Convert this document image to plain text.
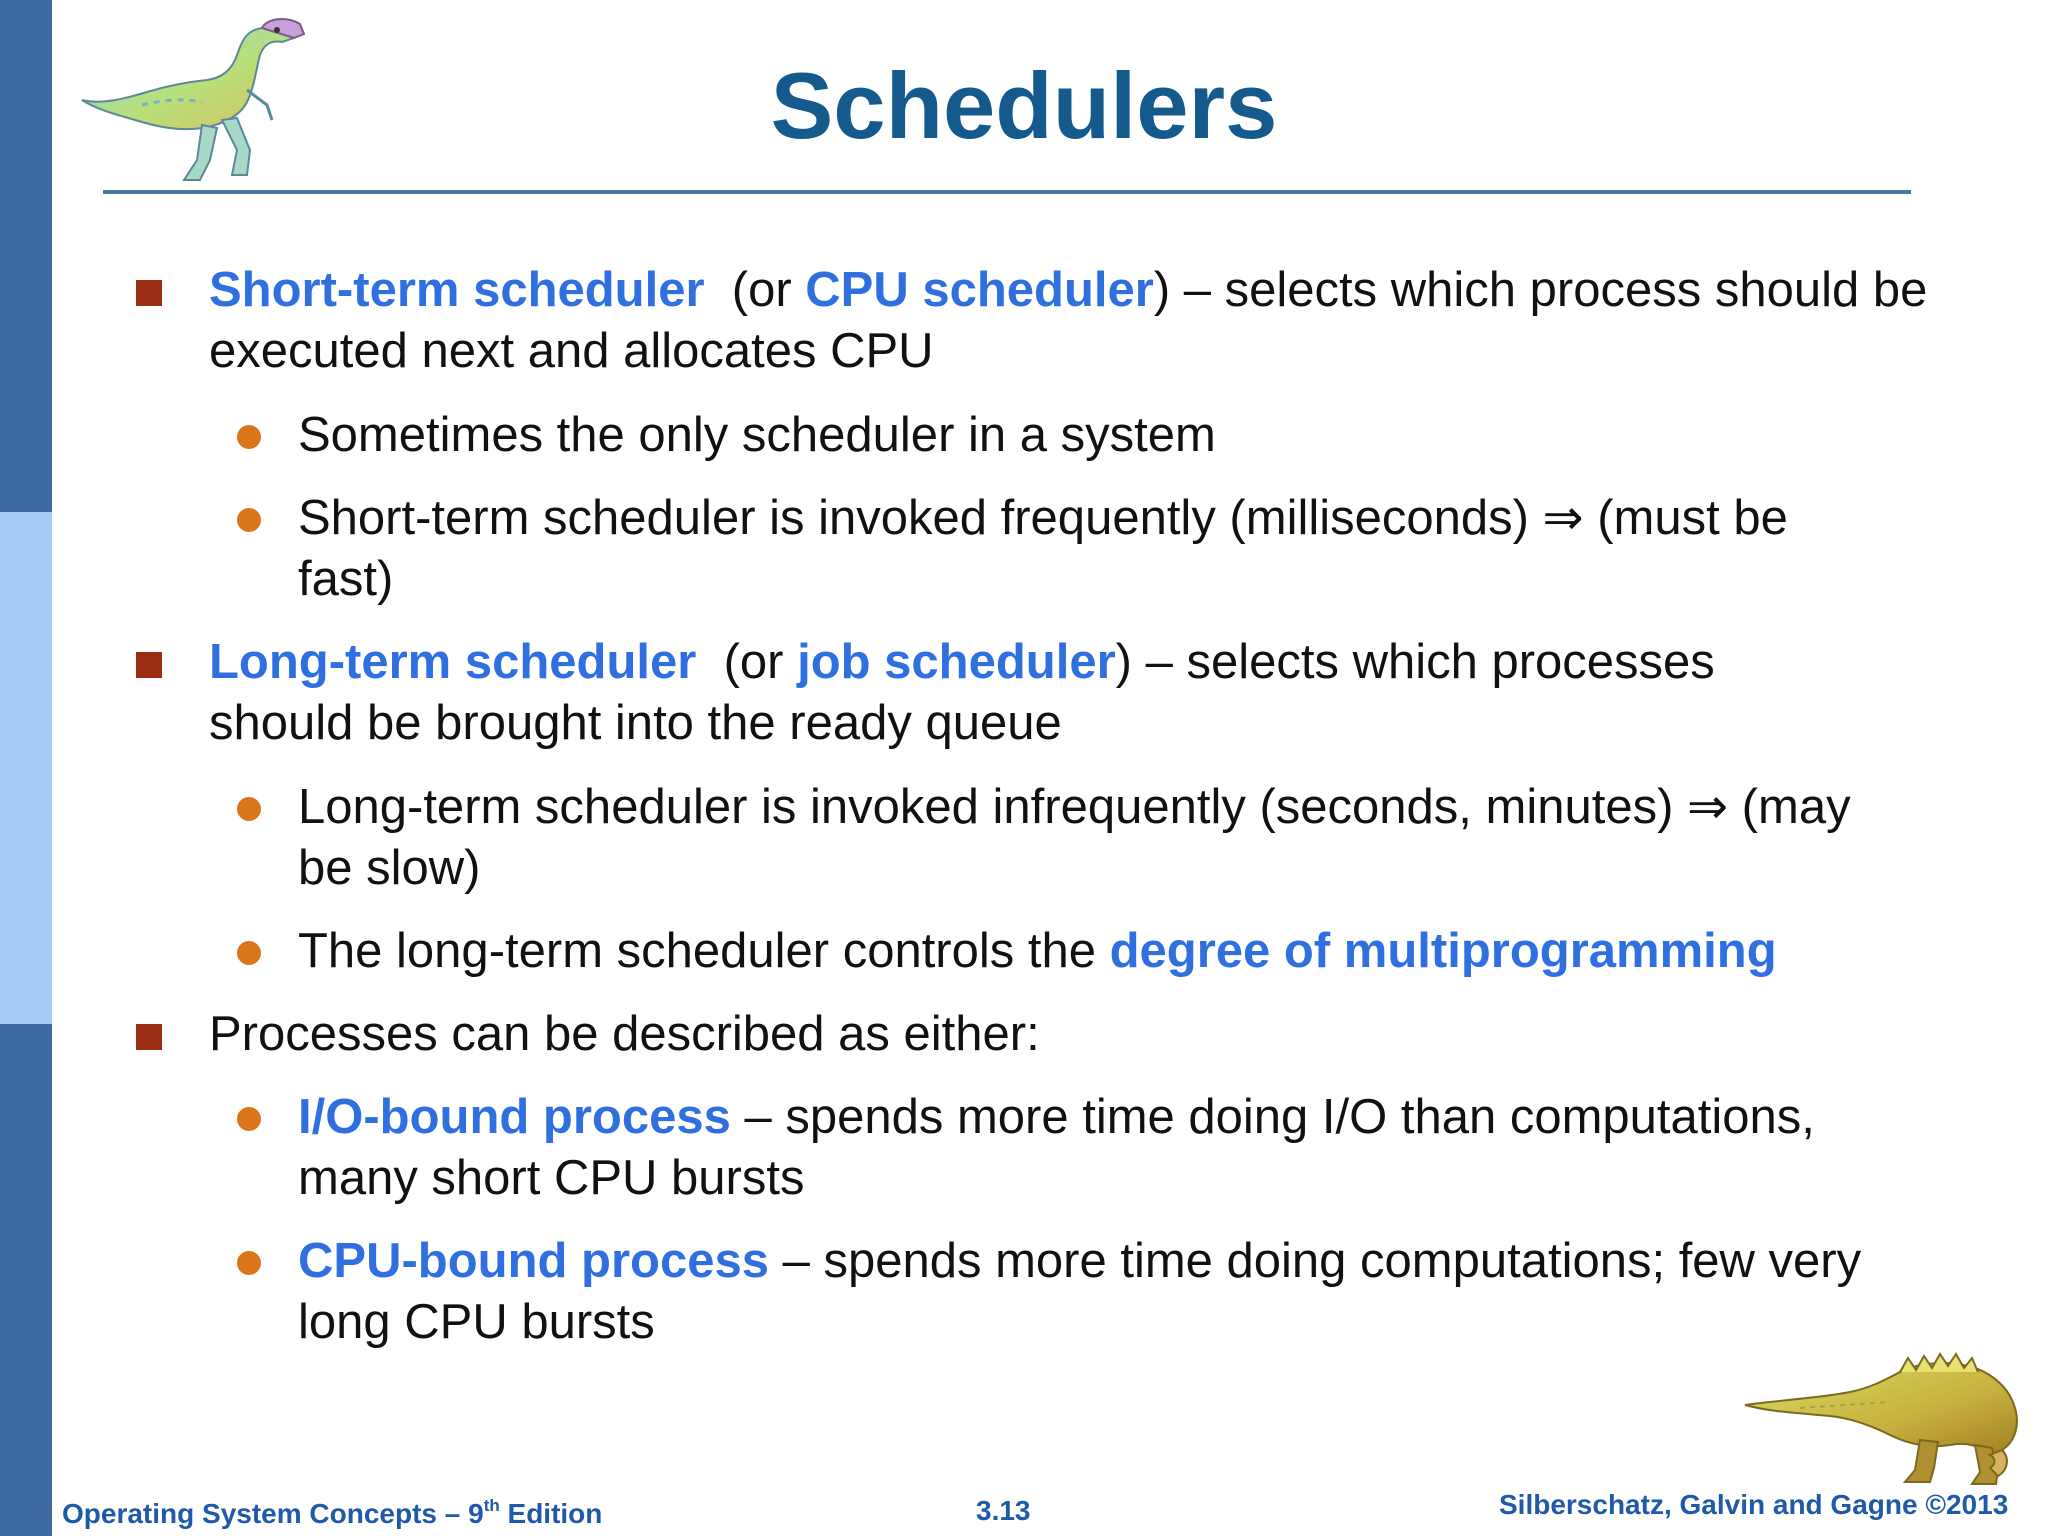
Schedulers
Short-term scheduler  (or CPU scheduler) – selects which process should be executed next and allocates CPU
Sometimes the only scheduler in a system
Short-term scheduler is invoked frequently (milliseconds) ⇒ (must be fast)
Long-term scheduler  (or job scheduler) – selects which processes should be brought into the ready queue
Long-term scheduler is invoked infrequently (seconds, minutes) ⇒ (may be slow)
The long-term scheduler controls the degree of multiprogramming
Processes can be described as either:
I/O-bound process – spends more time doing I/O than computations, many short CPU bursts
CPU-bound process – spends more time doing computations; few very long CPU bursts
Operating System Concepts – 9th Edition	3.13	Silberschatz, Galvin and Gagne ©2013
